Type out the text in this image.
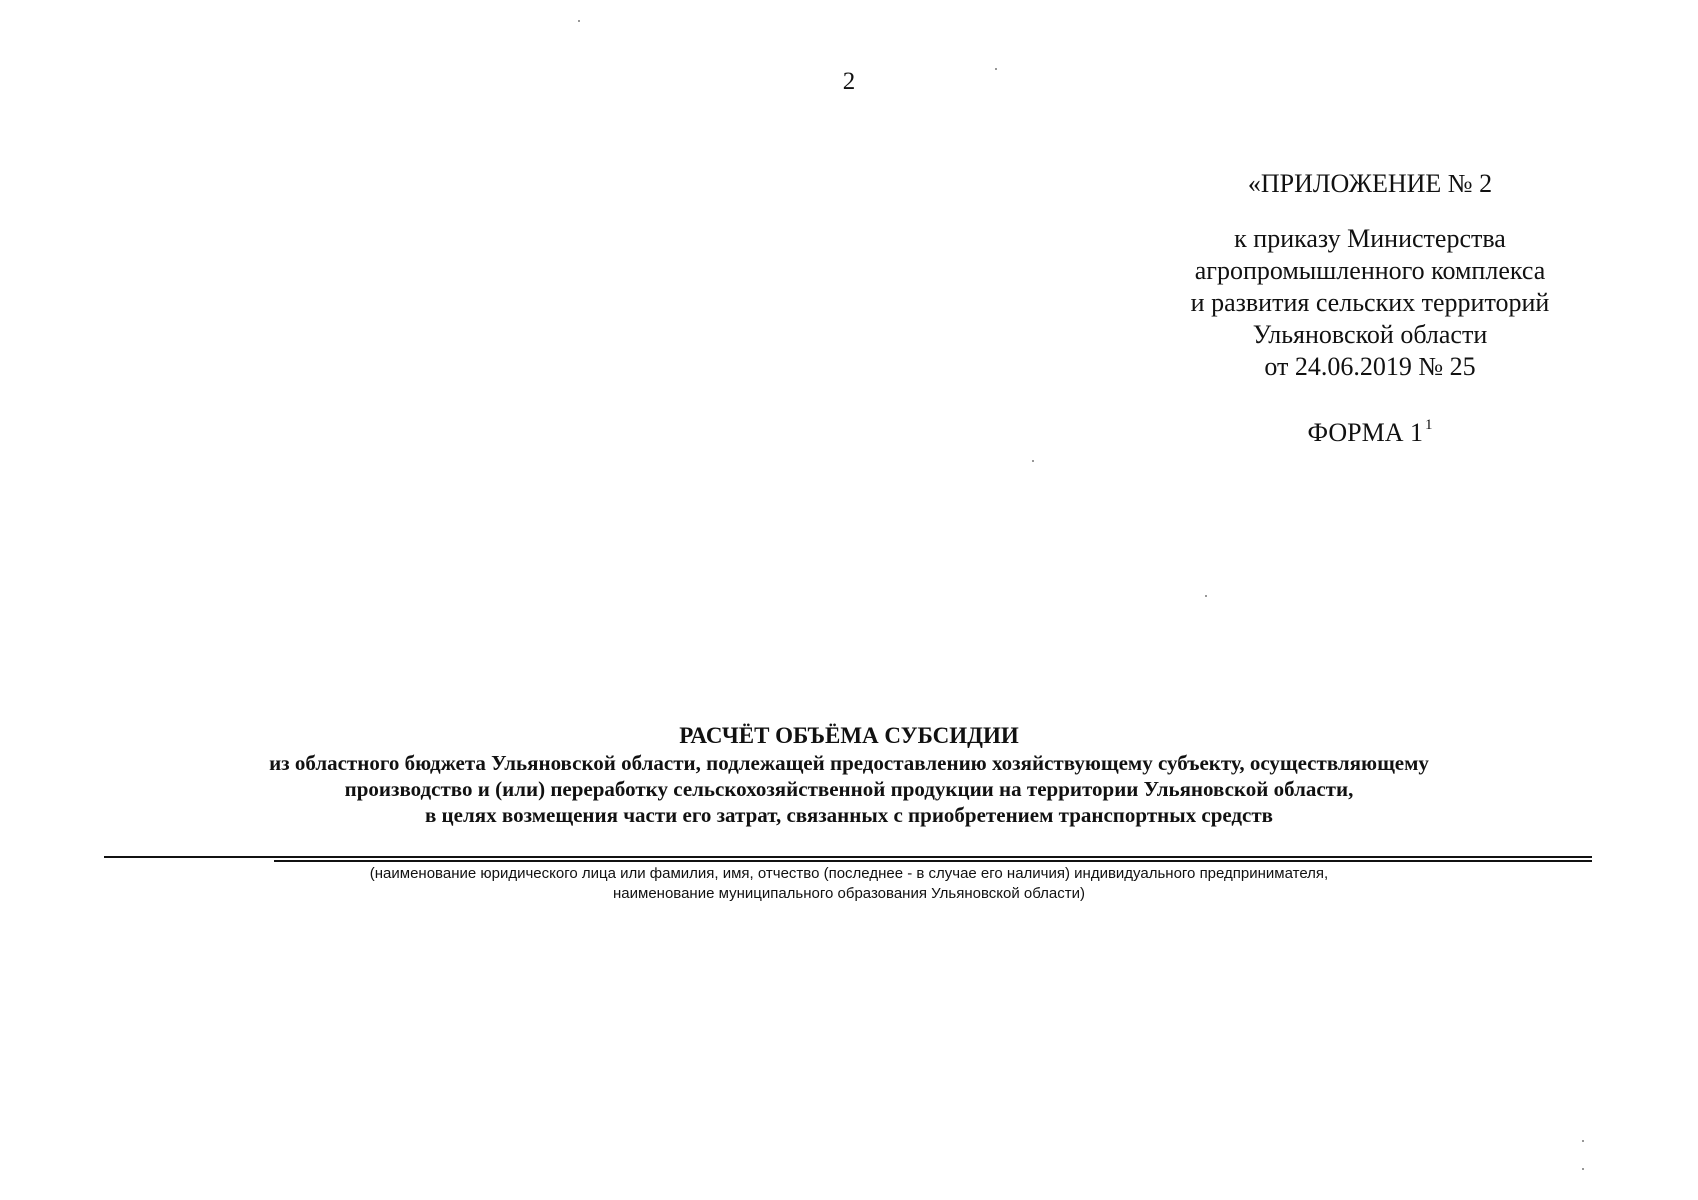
2
«ПРИЛОЖЕНИЕ № 2
к приказу Министерства
агропромышленного комплекса
и развития сельских территорий
Ульяновской области
от 24.06.2019 № 25
ФОРМА 1 $^1$
РАСЧЁТ ОБЪЁМА СУБСИДИИ
из областного бюджета Ульяновской области, подлежащей предоставлению хозяйствующему субъекту, осуществляющему
производство и (или) переработку сельскохозяйственной продукции на территории Ульяновской области,
в целях возмещения части его затрат, связанных с приобретением транспортных средств
(наименование юридического лица или фамилия, имя, отчество (последнее - в случае его наличия) индивидуального предпринимателя,
наименование муниципального образования Ульяновской области)
